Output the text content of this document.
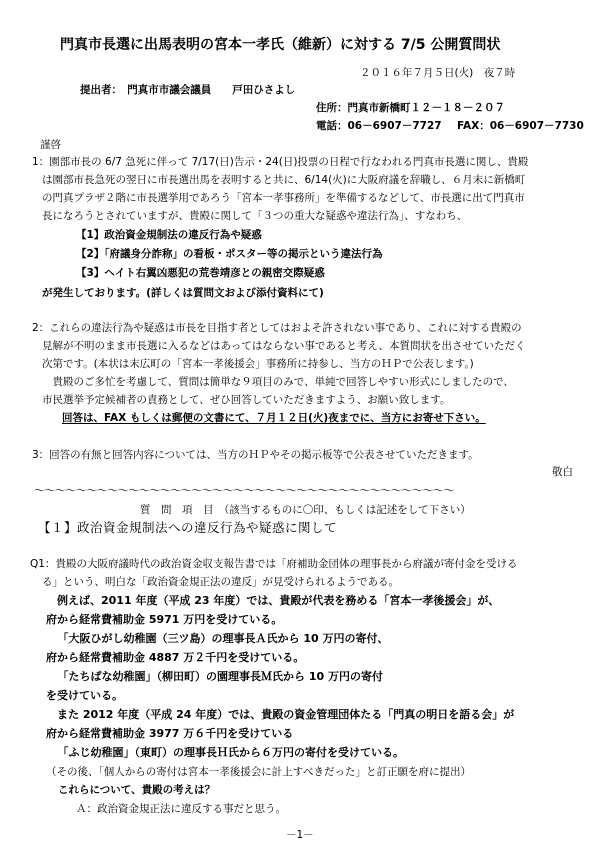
門真市長選に出馬表明の宮本一孝氏（維新）に対する 7/5 公開質問状
２０１６年７月５日(火)　夜７時
提出者：　門真市市議会議員　　戸田ひさよし
住所：門真市新橋町１２－１８－２０７
電話：06－6907－7727 FAX：06－6907－7730
謹啓
1：園部市長の 6/7 急死に伴って 7/17(日)告示・24(日)投票の日程で行なわれる門真市長選に関し、貴殿
は園部市長急死の翌日に市長選出馬を表明すると共に、6/14(火)に大阪府議を辞職し、６月末に新橋町
の門真プラザ２階に市長選挙用であろう「宮本一孝事務所」を準備するなどして、市長選に出て門真市
長になろうとされていますが、貴殿に関して「３つの重大な疑惑や違法行為」、すなわち、
【1】政治資金規制法の違反行為や疑惑
【2】「府議身分詐称」の看板・ポスター等の掲示という違法行為
【3】ヘイト右翼凶悪犯の荒巻靖彦との親密交際疑惑
が発生しております。(詳しくは質問文および添付資料にて)
2：これらの違法行為や疑惑は市長を目指す者としてはおよそ許されない事であり、これに対する貴殿の
見解が不明のまま市長選に入るなどはあってはならない事であると考え、本質問状を出させていただく
次第です。(本状は末広町の「宮本一孝後援会」事務所に持参し、当方のＨＰで公表します。)
　貴殿のご多忙を考慮して、質問は簡単な９項目のみで、単純で回答しやすい形式にしましたので、
市民選挙予定候補者の責務として、ぜひ回答していただきますよう、お願い致します。
回答は、FAX もしくは郵便の文書にて、７月１２日(火)夜までに、当方にお寄せ下さい。
3：回答の有無と回答内容については、当方のＨＰやその掲示板等で公表させていただきます。
敬白
～～～～～～～～～～～～～～～～～～～～～～～～～～～～～～～～～～～～～～～～
質　問　項　目　（該当するものに〇印、もしくは記述をして下さい）
【１】政治資金規制法への違反行為や疑惑に関して
Q1：貴殿の大阪府議時代の政治資金収支報告書では「府補助金団体の理事長から府議が寄付金を受ける
る」という、明白な「政治資金規正法の違反」が見受けられるようである。
　例えば、2011 年度（平成 23 年度）では、貴殿が代表を務める「宮本一孝後援会」が、
府から経常費補助金 5971 万円を受けている。
　「大阪ひがし幼稚園（三ツ島）の理事長Ａ氏から 10 万円の寄付、
府から経常費補助金 4887 万２千円を受けている。
　「たちばな幼稚園」（柳田町）の園理事長Ｍ氏から 10 万円の寄付
を受けている。
　また 2012 年度（平成 24 年度）では、貴殿の資金管理団体たる「門真の明日を語る会」が
府から経常費補助金 3977 万６千円を受けている
　「ふじ幼稚園」（東町）の理事長Ｈ氏から６万円の寄付を受けている。
（その後、「個人からの寄付は宮本一孝後援会に計上すべきだった」と訂正願を府に提出）
これらについて、貴殿の考えは？
Ａ：政治資金規正法に違反する事だと思う。
－1－
